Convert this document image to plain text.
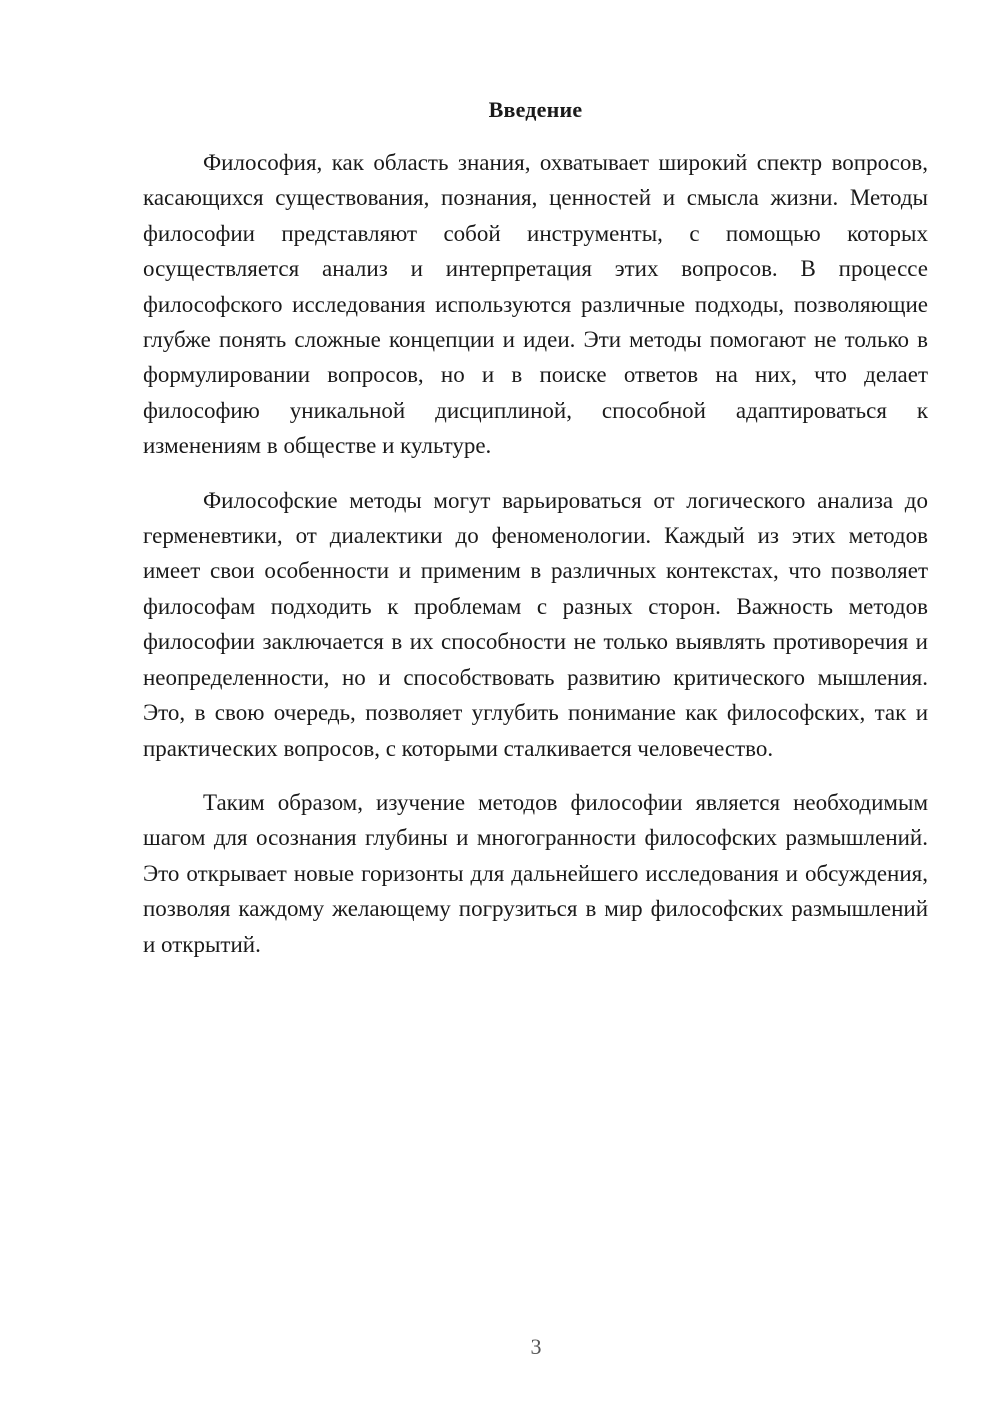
Введение

Философия, как область знания, охватывает широкий спектр вопросов, касающихся существования, познания, ценностей и смысла жизни. Методы философии представляют собой инструменты, с помощью которых осуществляется анализ и интерпретация этих вопросов. В процессе философского исследования используются различные подходы, позволяющие глубже понять сложные концепции и идеи. Эти методы помогают не только в формулировании вопросов, но и в поиске ответов на них, что делает философию уникальной дисциплиной, способной адаптироваться к изменениям в обществе и культуре.

Философские методы могут варьироваться от логического анализа до герменевтики, от диалектики до феноменологии. Каждый из этих методов имеет свои особенности и применим в различных контекстах, что позволяет философам подходить к проблемам с разных сторон. Важность методов философии заключается в их способности не только выявлять противоречия и неопределенности, но и способствовать развитию критического мышления. Это, в свою очередь, позволяет углубить понимание как философских, так и практических вопросов, с которыми сталкивается человечество.

Таким образом, изучение методов философии является необходимым шагом для осознания глубины и многогранности философских размышлений. Это открывает новые горизонты для дальнейшего исследования и обсуждения, позволяя каждому желающему погрузиться в мир философских размышлений и открытий.

3
